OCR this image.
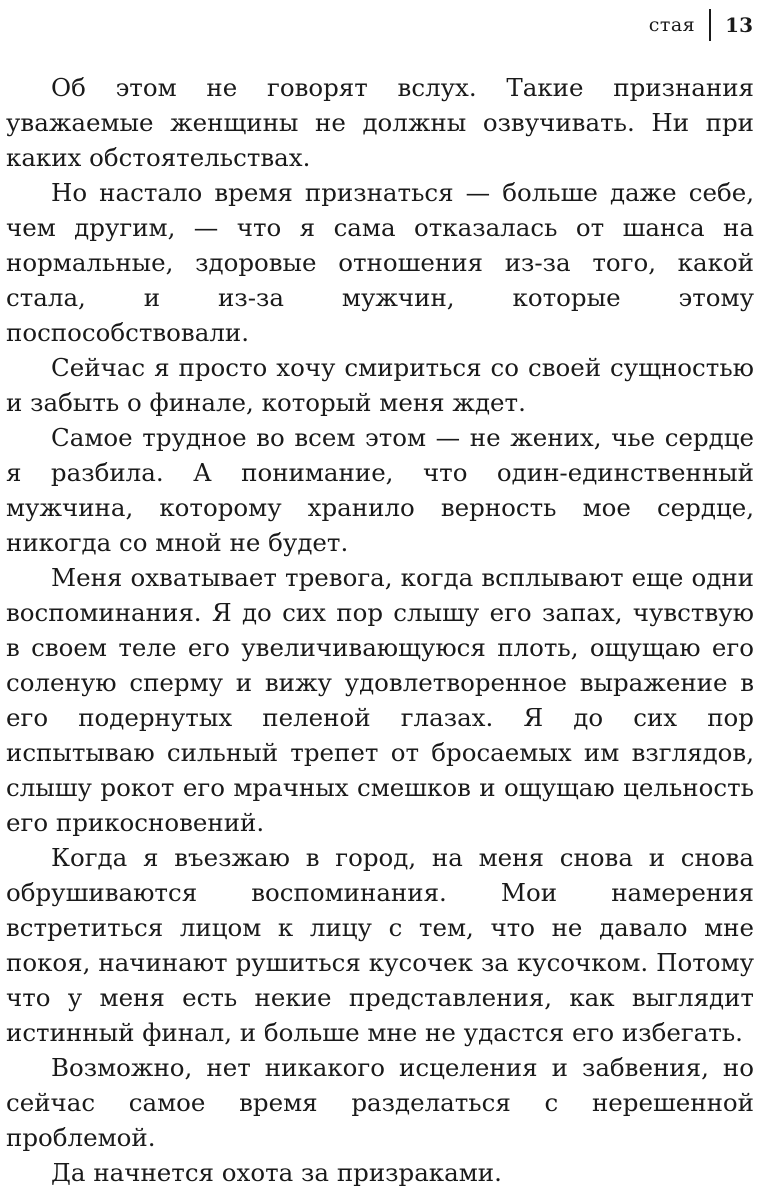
стая	13

Об этом не говорят вслух. Такие признания уважаемые женщины не должны озвучивать. Ни при каких обстоятельствах.

Но настало время признаться — больше даже себе, чем другим, — что я сама отказалась от шанса на нормальные, здоровые отношения из-за того, какой стала, и из-за мужчин, которые этому поспособствовали.

Сейчас я просто хочу смириться со своей сущностью и забыть о финале, который меня ждет.

Самое трудное во всем этом — не жених, чье сердце я разбила. А понимание, что один-единственный мужчина, которому хранило верность мое сердце, никогда со мной не будет.

Меня охватывает тревога, когда всплывают еще одни воспоминания. Я до сих пор слышу его запах, чувствую в своем теле его увеличивающуюся плоть, ощущаю его соленую сперму и вижу удовлетворенное выражение в его подернутых пеленой глазах. Я до сих пор испытываю сильный трепет от бросаемых им взглядов, слышу рокот его мрачных смешков и ощущаю цельность его прикосновений.

Когда я въезжаю в город, на меня снова и снова обрушиваются воспоминания. Мои намерения встретиться лицом к лицу с тем, что не давало мне покоя, начинают рушиться кусочек за кусочком. Потому что у меня есть некие представления, как выглядит истинный финал, и больше мне не удастся его избегать.

Возможно, нет никакого исцеления и забвения, но сейчас самое время разделаться с нерешенной проблемой.

Да начнется охота за призраками.
